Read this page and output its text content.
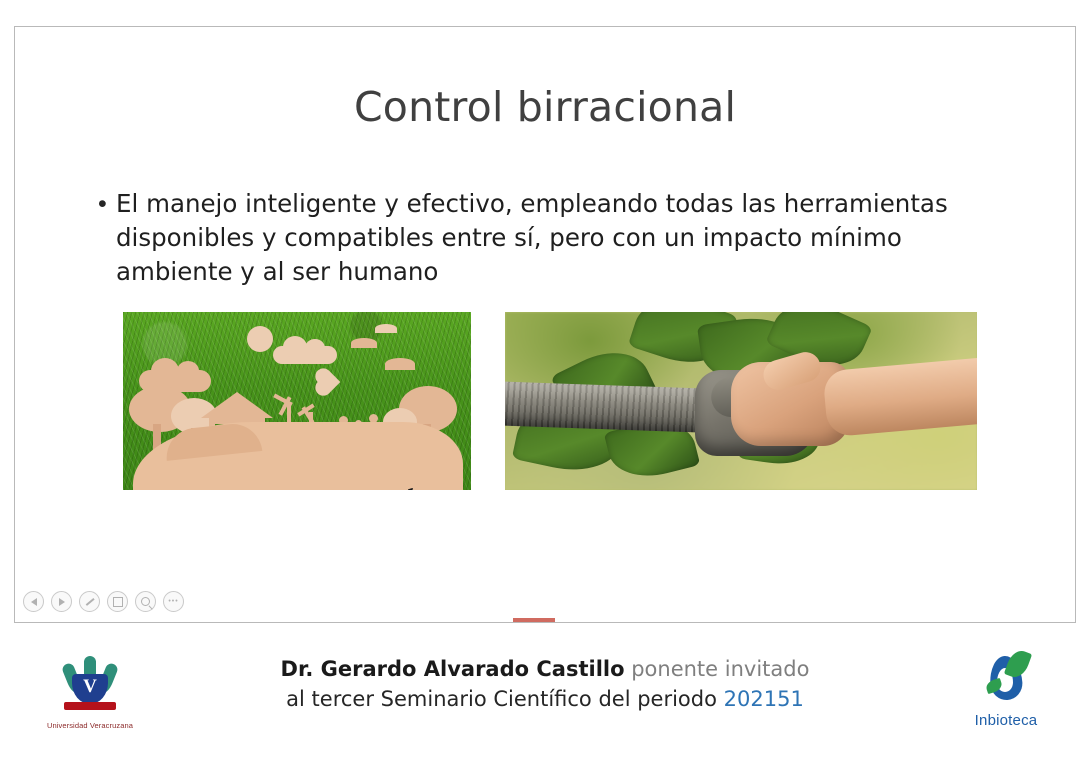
Control birracional
• El manejo inteligente y efectivo, empleando todas las herramientas disponibles y compatibles entre sí, pero con un impacto mínimo ambiente y al ser humano
•••
V
Universidad Veracruzana
Dr. Gerardo Alvarado Castillo ponente invitado
al tercer Seminario Científico del periodo 202151
Inbioteca
